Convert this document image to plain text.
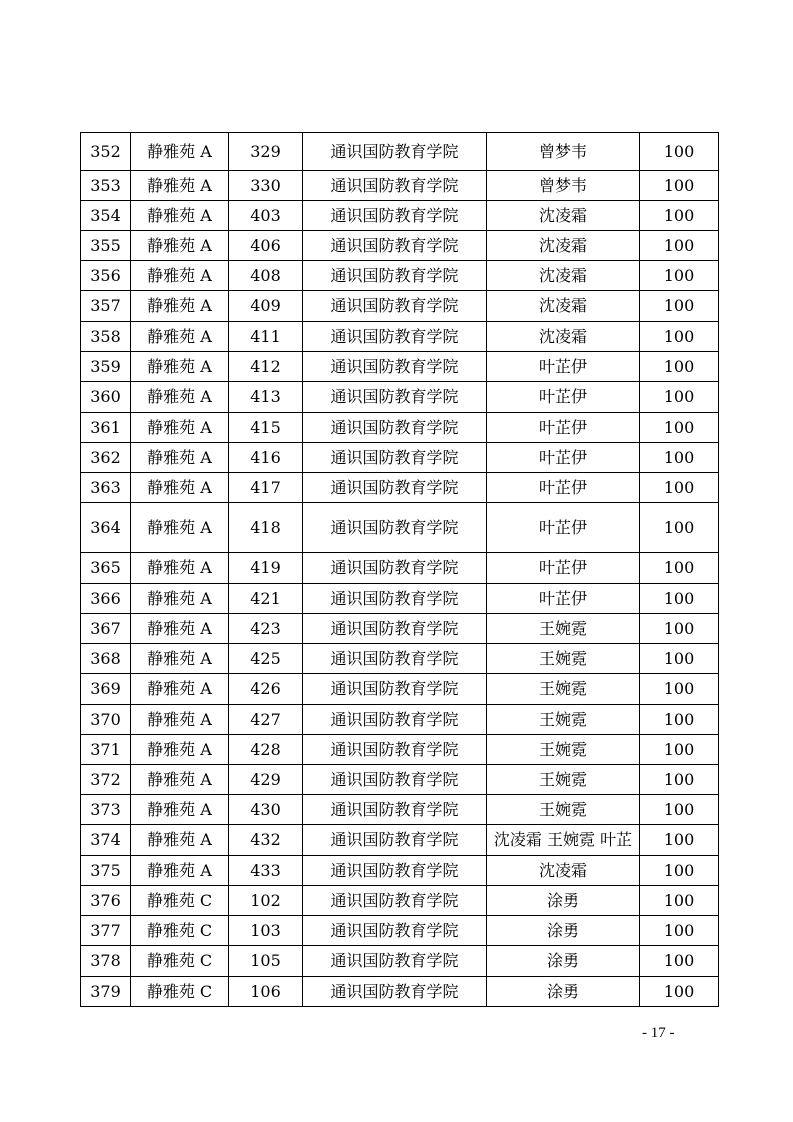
352	静雅苑 A	329	通识国防教育学院	曾梦韦	100
353	静雅苑 A	330	通识国防教育学院	曾梦韦	100
354	静雅苑 A	403	通识国防教育学院	沈凌霜	100
355	静雅苑 A	406	通识国防教育学院	沈凌霜	100
356	静雅苑 A	408	通识国防教育学院	沈凌霜	100
357	静雅苑 A	409	通识国防教育学院	沈凌霜	100
358	静雅苑 A	411	通识国防教育学院	沈凌霜	100
359	静雅苑 A	412	通识国防教育学院	叶芷伊	100
360	静雅苑 A	413	通识国防教育学院	叶芷伊	100
361	静雅苑 A	415	通识国防教育学院	叶芷伊	100
362	静雅苑 A	416	通识国防教育学院	叶芷伊	100
363	静雅苑 A	417	通识国防教育学院	叶芷伊	100
364	静雅苑 A	418	通识国防教育学院	叶芷伊	100
365	静雅苑 A	419	通识国防教育学院	叶芷伊	100
366	静雅苑 A	421	通识国防教育学院	叶芷伊	100
367	静雅苑 A	423	通识国防教育学院	王婉霓	100
368	静雅苑 A	425	通识国防教育学院	王婉霓	100
369	静雅苑 A	426	通识国防教育学院	王婉霓	100
370	静雅苑 A	427	通识国防教育学院	王婉霓	100
371	静雅苑 A	428	通识国防教育学院	王婉霓	100
372	静雅苑 A	429	通识国防教育学院	王婉霓	100
373	静雅苑 A	430	通识国防教育学院	王婉霓	100
374	静雅苑 A	432	通识国防教育学院	沈凌霜 王婉霓 叶芷	100
375	静雅苑 A	433	通识国防教育学院	沈凌霜	100
376	静雅苑 C	102	通识国防教育学院	涂勇	100
377	静雅苑 C	103	通识国防教育学院	涂勇	100
378	静雅苑 C	105	通识国防教育学院	涂勇	100
379	静雅苑 C	106	通识国防教育学院	涂勇	100
- 17 -
